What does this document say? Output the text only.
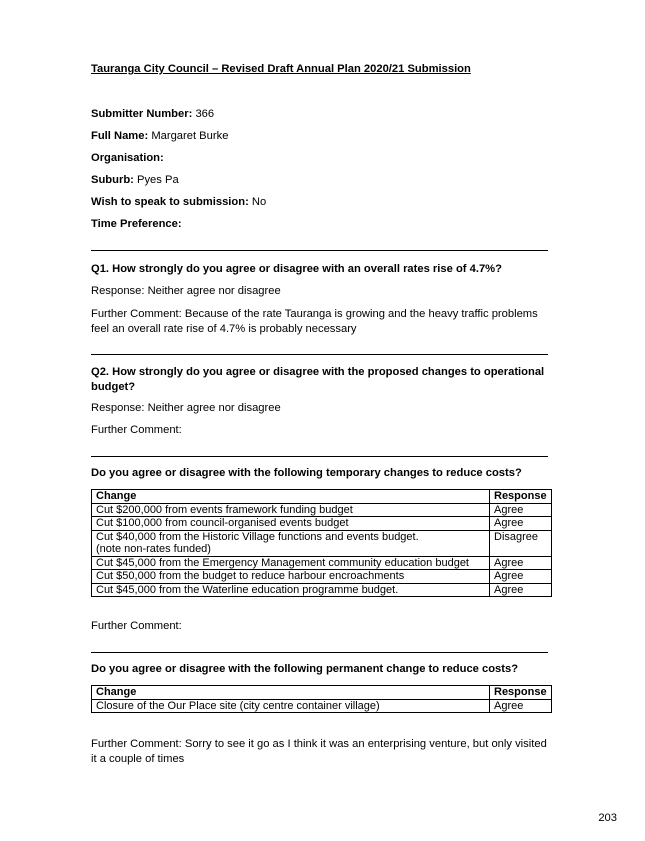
Tauranga City Council – Revised Draft Annual Plan 2020/21 Submission
Submitter Number: 366
Full Name: Margaret Burke
Organisation:
Suburb: Pyes Pa
Wish to speak to submission: No
Time Preference:
Q1. How strongly do you agree or disagree with an overall rates rise of 4.7%?
Response: Neither agree nor disagree
Further Comment: Because of the rate Tauranga is growing and the heavy traffic problems feel an overall rate rise of 4.7% is probably necessary
Q2. How strongly do you agree or disagree with the proposed changes to operational budget?
Response: Neither agree nor disagree
Further Comment:
Do you agree or disagree with the following temporary changes to reduce costs?
Change	Response
Cut $200,000 from events framework funding budget	Agree
Cut $100,000 from council-organised events budget	Agree

Cut $40,000 from the Historic Village functions and events budget.
(note non-rates funded)	Disagree
Cut $45,000 from the Emergency Management community education budget	Agree
Cut $50,000 from the budget to reduce harbour encroachments	Agree
Cut $45,000 from the Waterline education programme budget.	Agree
Further Comment:
Do you agree or disagree with the following permanent change to reduce costs?
Change	Response
Closure of the Our Place site (city centre container village)	Agree
Further Comment: Sorry to see it go as I think it was an enterprising venture, but only visited it a couple of times
203
